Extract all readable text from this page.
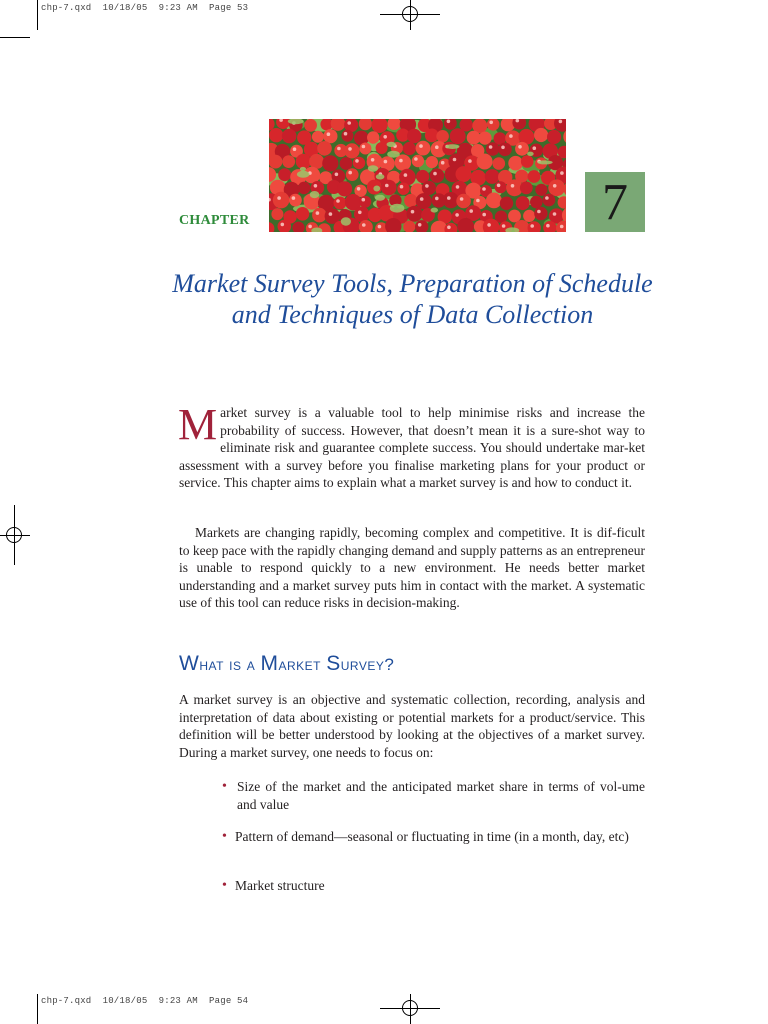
chp-7.qxd  10/18/05  9:23 AM  Page 53
chp-7.qxd  10/18/05  9:23 AM  Page 54
CHAPTER	7
Market Survey Tools, Preparation of Schedule and Techniques of Data Collection
Market survey is a valuable tool to help minimise risks and increase the probability of success. However, that doesn’t mean it is a sure-shot way to eliminate risk and guarantee complete success. You should undertake mar-ket assessment with a survey before you finalise marketing plans for your product or service. This chapter aims to explain what a market survey is and how to conduct it.
Markets are changing rapidly, becoming complex and competitive. It is dif-ficult to keep pace with the rapidly changing demand and supply patterns as an entrepreneur is unable to respond quickly to a new environment. He needs better market understanding and a market survey puts him in contact with the market. A systematic use of this tool can reduce risks in decision-making.
What is a Market Survey?
A market survey is an objective and systematic collection, recording, analysis and interpretation of data about existing or potential markets for a product/service. This definition will be better understood by looking at the objectives of a market survey. During a market survey, one needs to focus on:
• Size of the market and the anticipated market share in terms of vol-ume and value
• Pattern of demand—seasonal or fluctuating in time (in a month, day, etc)
• Market structure
